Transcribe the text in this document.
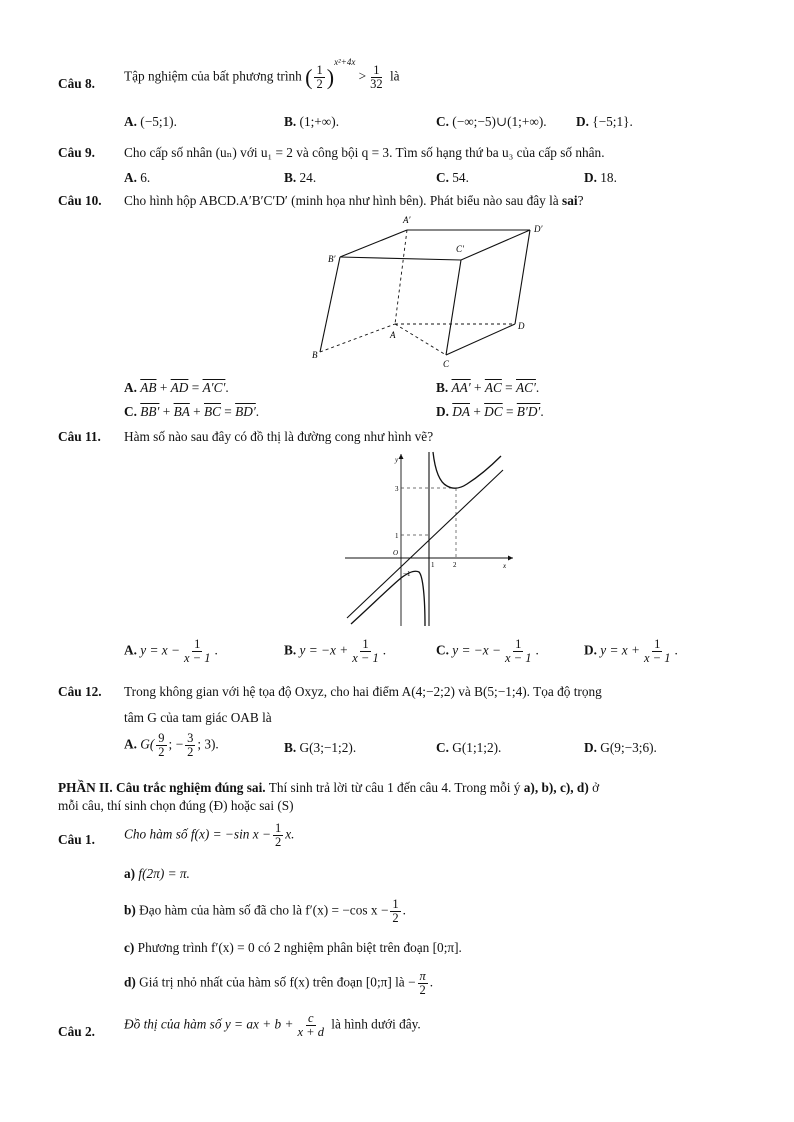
Câu 8. Tập nghiệm của bất phương trình ( $\frac{1}{2} )^{x^2+4x} > \frac{1}{32}$ là
A. (−5;1).	B. (1;+∞).	C. (−∞;−5)∪(1;+∞). D. {−5;1}.
Câu 9. Cho cấp số nhân (uₙ) với u₁ = 2 và công bội q = 3. Tìm số hạng thứ ba u₃ của cấp số nhân.
A. 6.	B. 24.	C. 54.	D. 18.
Câu 10. Cho hình hộp ABCD.A′B′C′D′ (minh họa như hình bên). Phát biểu nào sau đây là sai?
A′
D′
B′
C′
A
B
C
D
A. $\overline{AB} + \overline{AD} = A'C'$.	B. $AA' + \overline{AC} = AC'$.
C. $BB' + \overline{BA} + \overline{BC} = BD'$.	D. $\overline{DA} + \overline{DC} = B'D'$.
Câu 11. Hàm số nào sau đây có đồ thị là đường cong như hình vẽ?
y
x
O
3
1
−1
1	2
A. $y = x - \frac{1}{x - 1}$ .	B. $y = -x + \frac{1}{x - 1}$ .	C. $y = -x - \frac{1}{x - 1}$ .	D. $y = x + \frac{1}{x - 1}$ .
Câu 12. Trong không gian với hệ tọa độ Oxyz, cho hai điểm A(4;−2;2) và B(5;−1;4). Tọa độ trọng
tâm G của tam giác OAB là
A. $G( \frac{9}{2}$ ; − $\frac{3}{2}$ ; 3).	B. G(3;−1;2).	C. G(1;1;2).	D. G(9;−3;6).
PHẦN II. Câu trắc nghiệm đúng sai. Thí sinh trả lời từ câu 1 đến câu 4. Trong mỗi ý a), b), c), d) ở
mỗi câu, thí sinh chọn đúng (Đ) hoặc sai (S)
Câu 1. Cho hàm số f(x) = −sin $x - \frac{1}{2} x$.
a) f(2π) = π.
b) Đạo hàm của hàm số đã cho là f′(x) = −cos $x - \frac{1}{2}$ .
c) Phương trình f′(x) = 0 có 2 nghiệm phân biệt trên đoạn [0;π].
d) Giá trị nhỏ nhất của hàm số f(x) trên đoạn [0;π] là − $\frac{\pi}{2}$ .
Câu 2. Đồ thị của hàm số y = ax + $b + \frac{c}{x + d}$ là hình dưới đây.
